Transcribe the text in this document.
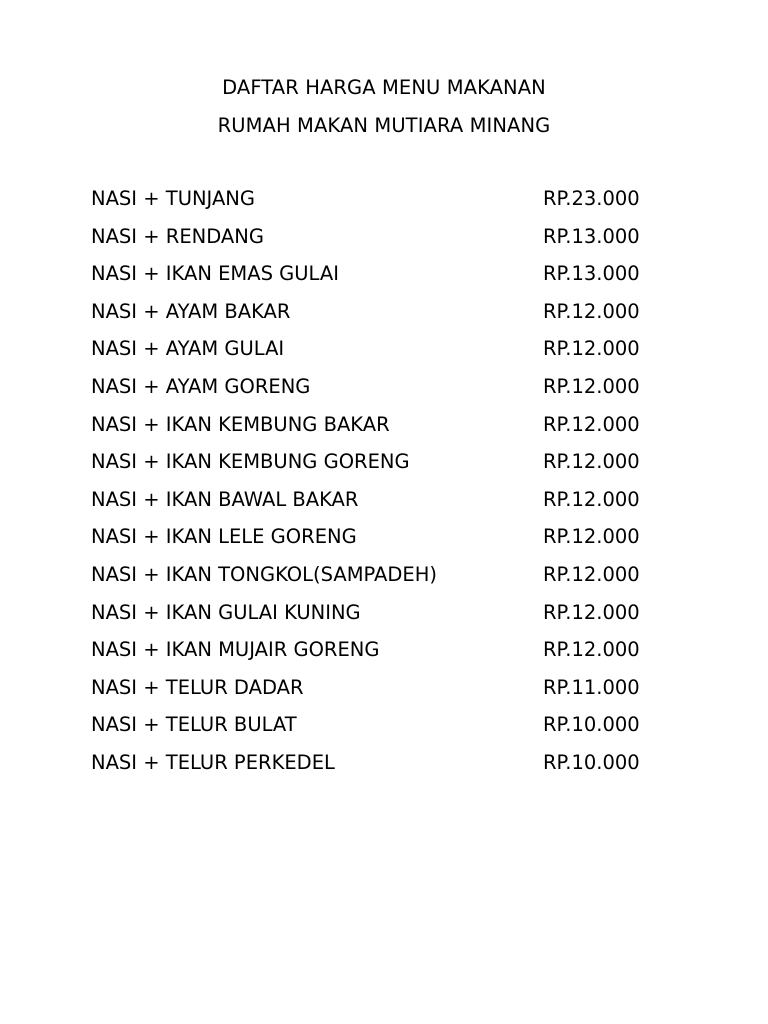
DAFTAR HARGA MENU MAKANAN
RUMAH MAKAN MUTIARA MINANG
NASI + TUNJANG	RP.23.000
NASI + RENDANG	RP.13.000
NASI + IKAN EMAS GULAI	RP.13.000
NASI + AYAM BAKAR	RP.12.000
NASI + AYAM GULAI	RP.12.000
NASI + AYAM GORENG	RP.12.000
NASI + IKAN KEMBUNG BAKAR	RP.12.000
NASI + IKAN KEMBUNG GORENG	RP.12.000
NASI + IKAN BAWAL BAKAR	RP.12.000
NASI + IKAN LELE GORENG	RP.12.000
NASI + IKAN TONGKOL(SAMPADEH)	RP.12.000
NASI + IKAN GULAI KUNING	RP.12.000
NASI + IKAN MUJAIR GORENG	RP.12.000
NASI + TELUR DADAR	RP.11.000
NASI + TELUR BULAT	RP.10.000
NASI + TELUR PERKEDEL	RP.10.000
